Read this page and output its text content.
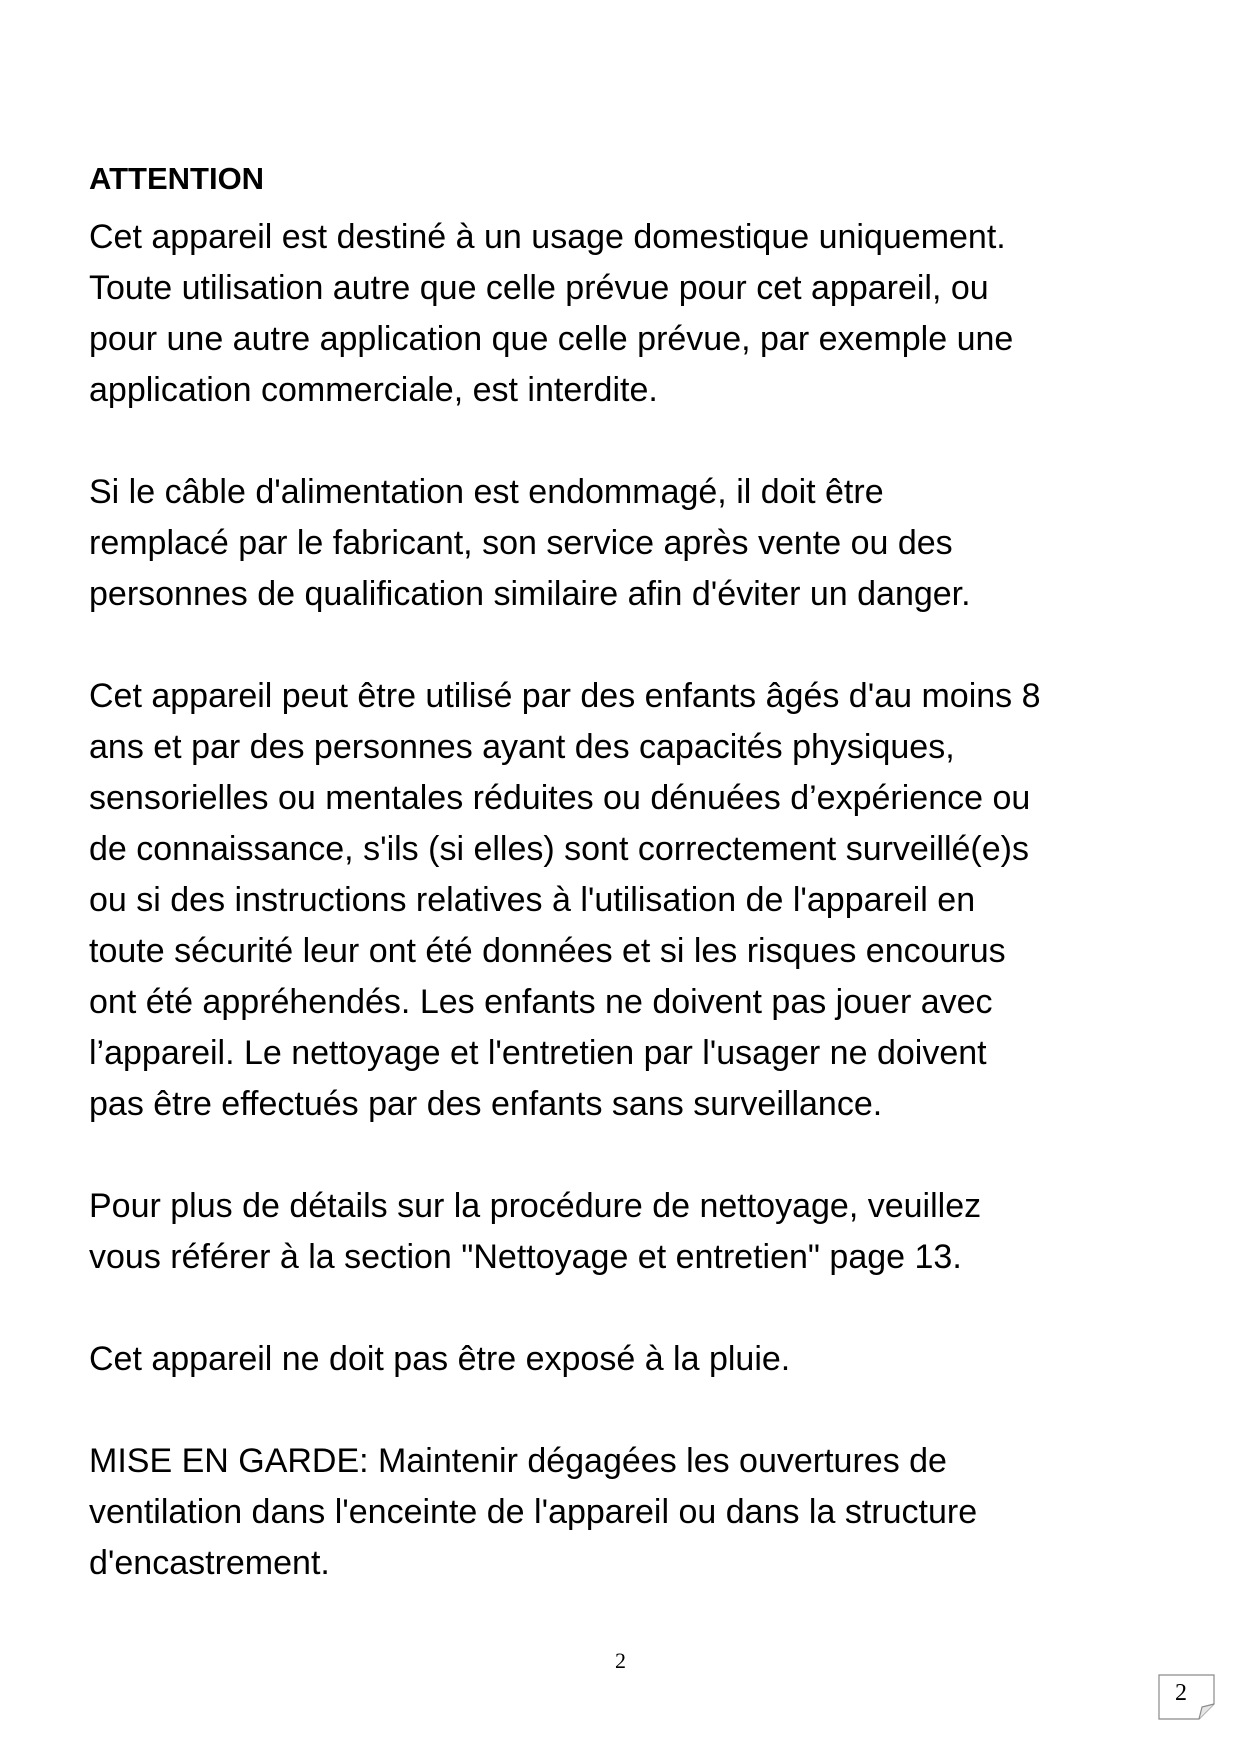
ATTENTION
Cet appareil est destiné à un usage domestique uniquement.
Toute utilisation autre que celle prévue pour cet appareil, ou
pour une autre application que celle prévue, par exemple une
application commerciale, est interdite.
Si le câble d'alimentation est endommagé, il doit être
remplacé par le fabricant, son service après vente ou des
personnes de qualification similaire afin d'éviter un danger.
Cet appareil peut être utilisé par des enfants âgés d'au moins 8
ans et par des personnes ayant des capacités physiques,
sensorielles ou mentales réduites ou dénuées d’expérience ou
de connaissance, s'ils (si elles) sont correctement surveillé(e)s
ou si des instructions relatives à l'utilisation de l'appareil en
toute sécurité leur ont été données et si les risques encourus
ont été appréhendés. Les enfants ne doivent pas jouer avec
l’appareil. Le nettoyage et l'entretien par l'usager ne doivent
pas être effectués par des enfants sans surveillance.
Pour plus de détails sur la procédure de nettoyage, veuillez
vous référer à la section "Nettoyage et entretien" page 13.
Cet appareil ne doit pas être exposé à la pluie.
MISE EN GARDE: Maintenir dégagées les ouvertures de
ventilation dans l'enceinte de l'appareil ou dans la structure
d'encastrement.
2
2
